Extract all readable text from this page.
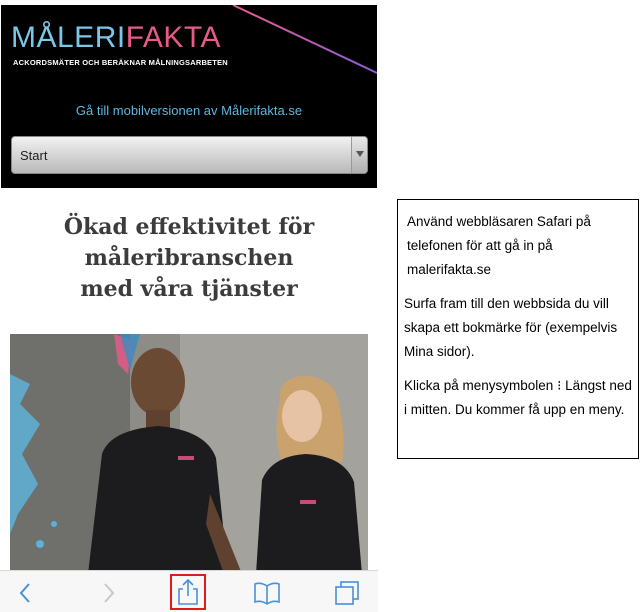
MÅLERIFAKTA
ACKORDSMÄTER OCH BERÄKNAR MÅLNINGSARBETEN
Gå till mobilversionen av Målerifakta.se
Start
Ökad effektivitet för
måleribranschen
med våra tjänster

Använd webbläsaren Safari på telefonen för att gå in på malerifakta.se

Surfa fram till den webbsida du vill skapa ett bokmärke för (exempelvis Mina sidor).

Klicka på menysymbolen ⁝ Längst ned i mitten. Du kommer få upp en meny.
